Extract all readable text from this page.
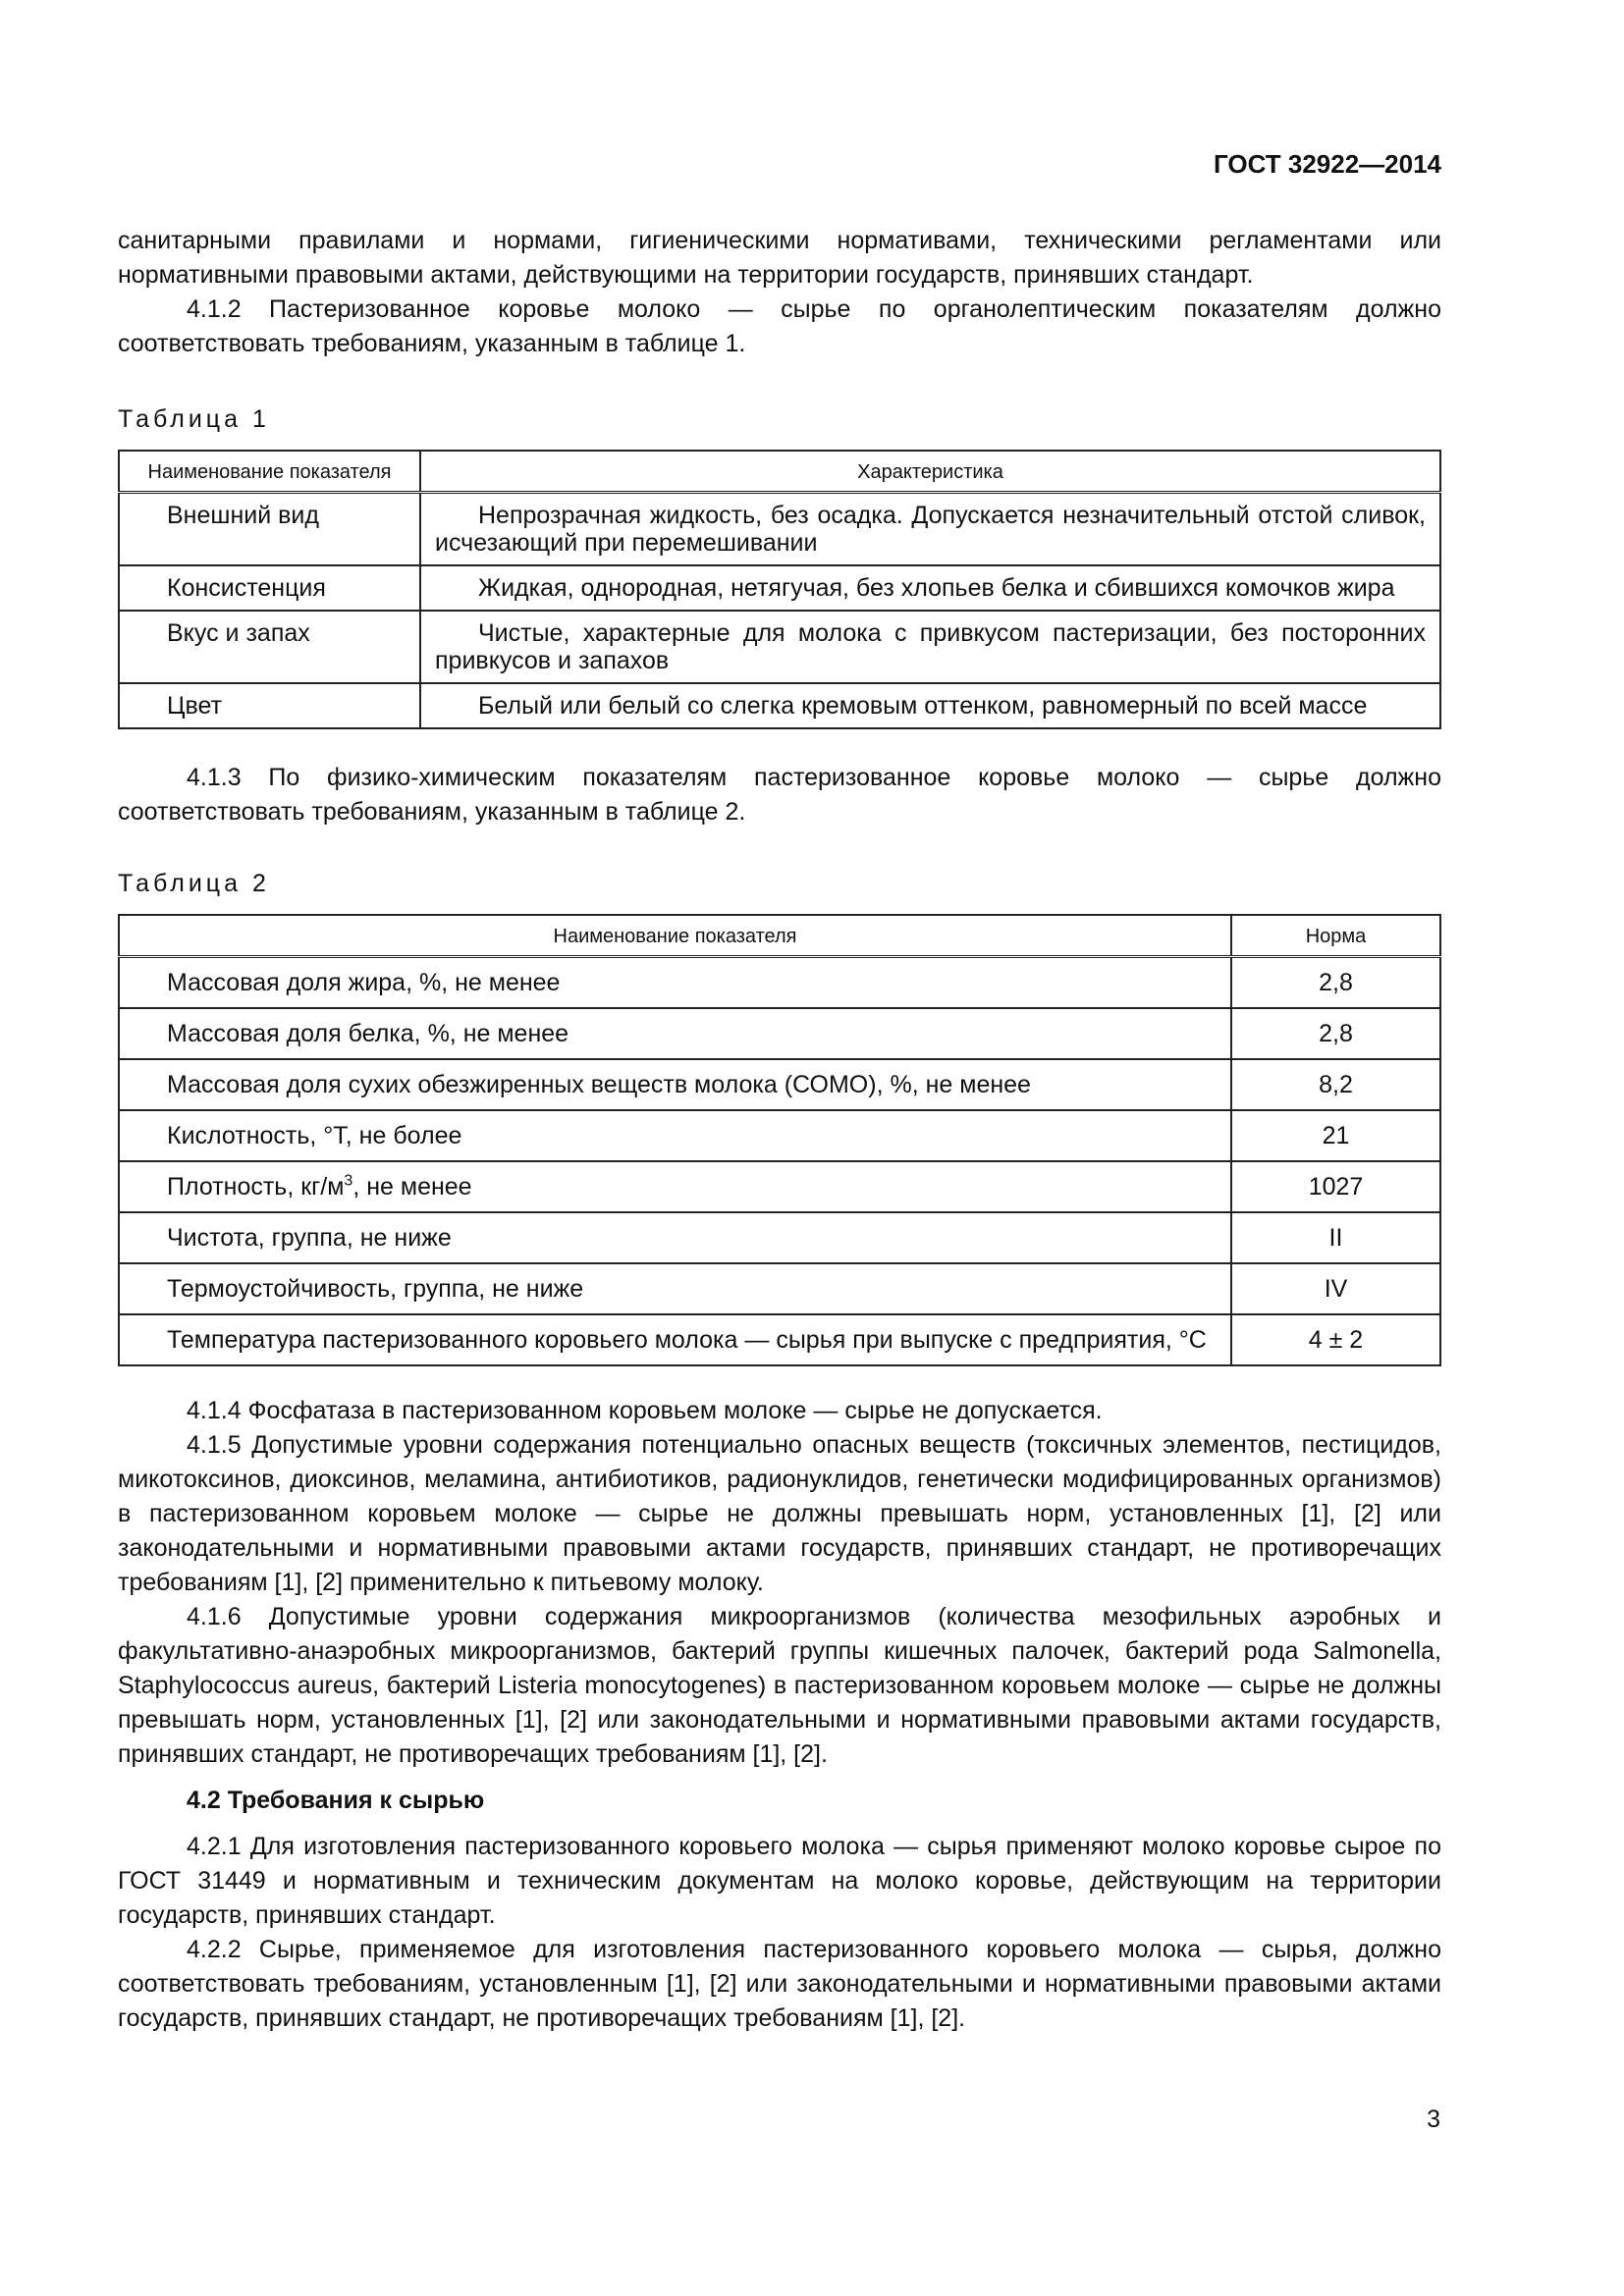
ГОСТ 32922—2014

санитарными правилами и нормами, гигиеническими нормативами, техническими регламентами или нормативными правовыми актами, действующими на территории государств, принявших стандарт.

4.1.2 Пастеризованное коровье молоко — сырье по органолептическим показателям должно соответствовать требованиям, указанным в таблице 1.

Таблица 1

Наименование показателя	Характеристика
Внешний вид	Непрозрачная жидкость, без осадка. Допускается незначительный отстой сливок, исчезающий при перемешивании
Консистенция	Жидкая, однородная, нетягучая, без хлопьев белка и сбившихся комочков жира
Вкус и запах	Чистые, характерные для молока с привкусом пастеризации, без посторонних привкусов и запахов
Цвет	Белый или белый со слегка кремовым оттенком, равномерный по всей массе

4.1.3 По физико-химическим показателям пастеризованное коровье молоко — сырье должно соответствовать требованиям, указанным в таблице 2.

Таблица 2

Наименование показателя	Норма
Массовая доля жира, %, не менее	2,8
Массовая доля белка, %, не менее	2,8
Массовая доля сухих обезжиренных веществ молока (СОМО), %, не менее	8,2
Кислотность, °Т, не более	21
Плотность, $кг/м^3$, не менее	1027
Чистота, группа, не ниже	II
Термоустойчивость, группа, не ниже	IV
Температура пастеризованного коровьего молока — сырья при выпуске с предприятия, °С	4 ± 2

4.1.4 Фосфатаза в пастеризованном коровьем молоке — сырье не допускается.

4.1.5 Допустимые уровни содержания потенциально опасных веществ (токсичных элементов, пестицидов, микотоксинов, диоксинов, меламина, антибиотиков, радионуклидов, генетически модифицированных организмов) в пастеризованном коровьем молоке — сырье не должны превышать норм, установленных [1], [2] или законодательными и нормативными правовыми актами государств, принявших стандарт, не противоречащих требованиям [1], [2] применительно к питьевому молоку.

4.1.6 Допустимые уровни содержания микроорганизмов (количества мезофильных аэробных и факультативно-анаэробных микроорганизмов, бактерий группы кишечных палочек, бактерий рода Salmonella, Staphylococcus aureus, бактерий Listeria monocytogenes) в пастеризованном коровьем молоке — сырье не должны превышать норм, установленных [1], [2] или законодательными и нормативными правовыми актами государств, принявших стандарт, не противоречащих требованиям [1], [2].

4.2 Требования к сырью

4.2.1 Для изготовления пастеризованного коровьего молока — сырья применяют молоко коровье сырое по ГОСТ 31449 и нормативным и техническим документам на молоко коровье, действующим на территории государств, принявших стандарт.

4.2.2 Сырье, применяемое для изготовления пастеризованного коровьего молока — сырья, должно соответствовать требованиям, установленным [1], [2] или законодательными и нормативными правовыми актами государств, принявших стандарт, не противоречащих требованиям [1], [2].

3
